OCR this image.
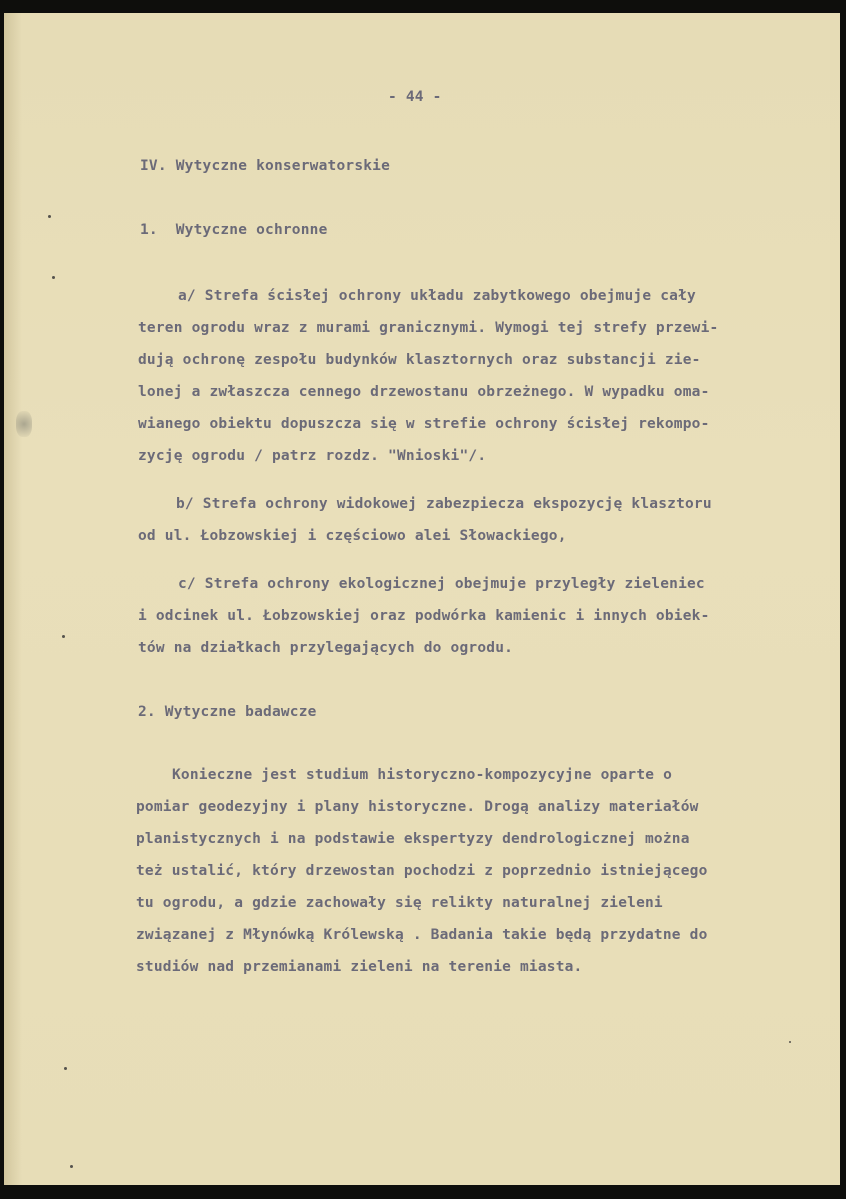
- 44 -

IV. Wytyczne konserwatorskie

1.  Wytyczne ochronne

a/ Strefa ścisłej ochrony układu zabytkowego obejmuje cały

teren ogrodu wraz z murami granicznymi. Wymogi tej strefy przewi-

dują ochronę zespołu budynków klasztornych oraz substancji zie-

lonej a zwłaszcza cennego drzewostanu obrzeżnego. W wypadku oma-

wianego obiektu dopuszcza się w strefie ochrony ścisłej rekompo-

zycję ogrodu / patrz rozdz. "Wnioski"/.

b/ Strefa ochrony widokowej zabezpiecza ekspozycję klasztoru

od ul. Łobzowskiej i częściowo alei Słowackiego,

c/ Strefa ochrony ekologicznej obejmuje przyległy zieleniec

i odcinek ul. Łobzowskiej oraz podwórka kamienic i innych obiek-

tów na działkach przylegających do ogrodu.

2. Wytyczne badawcze

Konieczne jest studium historyczno-kompozycyjne oparte o

pomiar geodezyjny i plany historyczne. Drogą analizy materiałów

planistycznych i na podstawie ekspertyzy dendrologicznej można

też ustalić, który drzewostan pochodzi z poprzednio istniejącego

tu ogrodu, a gdzie zachowały się relikty naturalnej zieleni

związanej z Młynówką Królewską . Badania takie będą przydatne do

studiów nad przemianami zieleni na terenie miasta.
